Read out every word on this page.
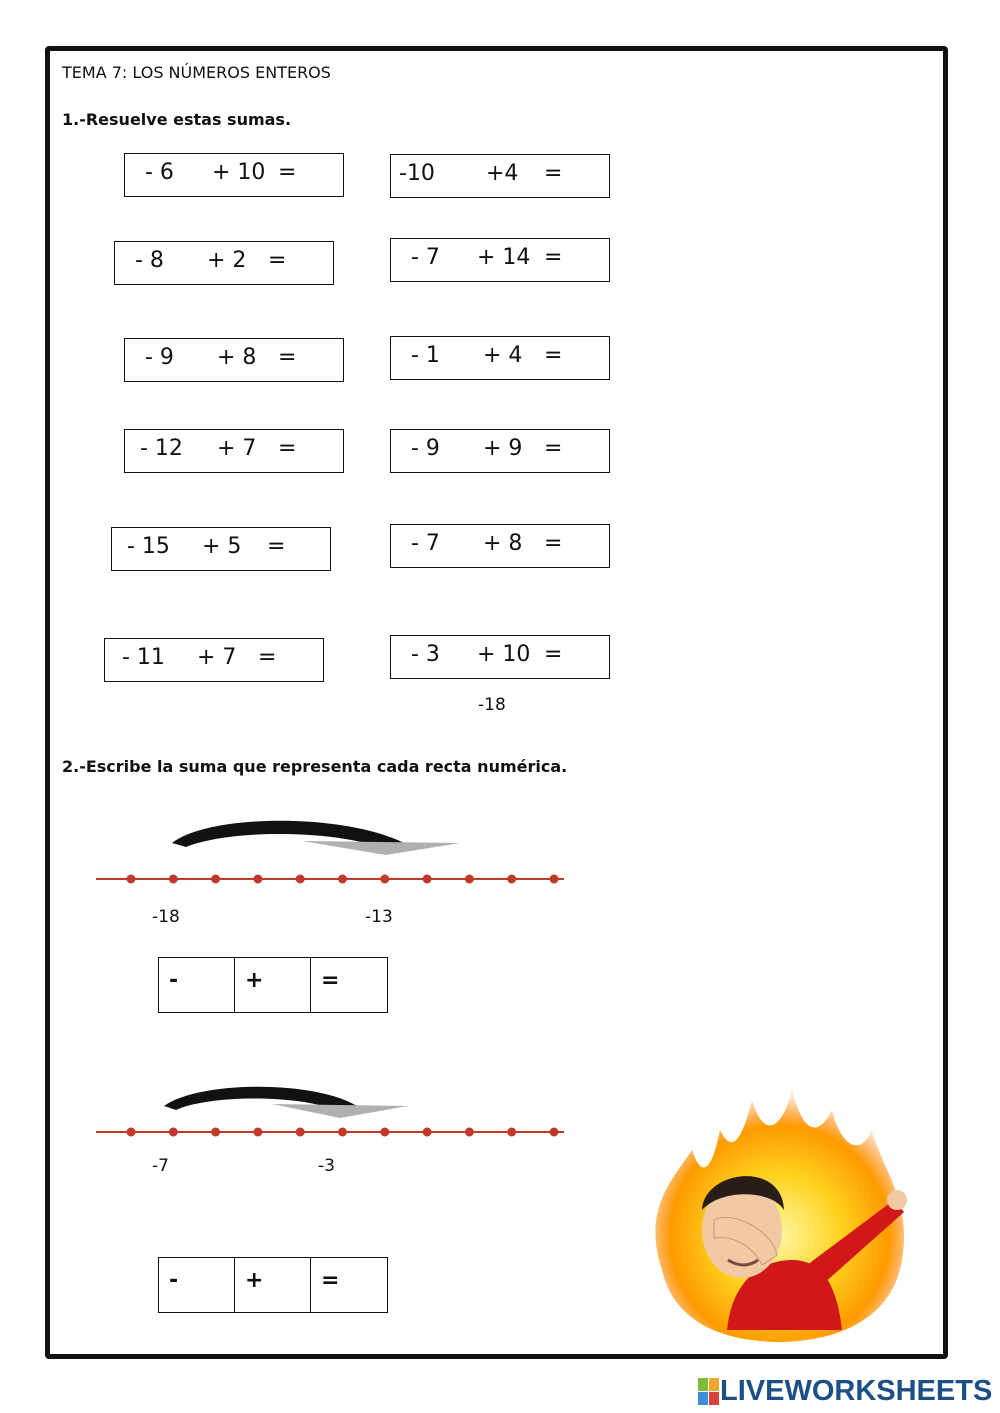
TEMA 7: LOS NÚMEROS ENTEROS
1.-Resuelve estas sumas.
- 6 + 10 =	-10 +4 =
- 8 + 2 =	- 7 + 14 =
- 9 + 8 =	- 1 + 4 =
- 12 + 7 =	- 9 + 9 =
- 15 + 5 =	- 7 + 8 =
- 11 + 7 =	- 3 + 10 =
-18
2.-Escribe la suma que representa cada recta numérica.
-18	-13
-	+	=
-7	-3
-	+	=
LIVEWORKSHEETS
